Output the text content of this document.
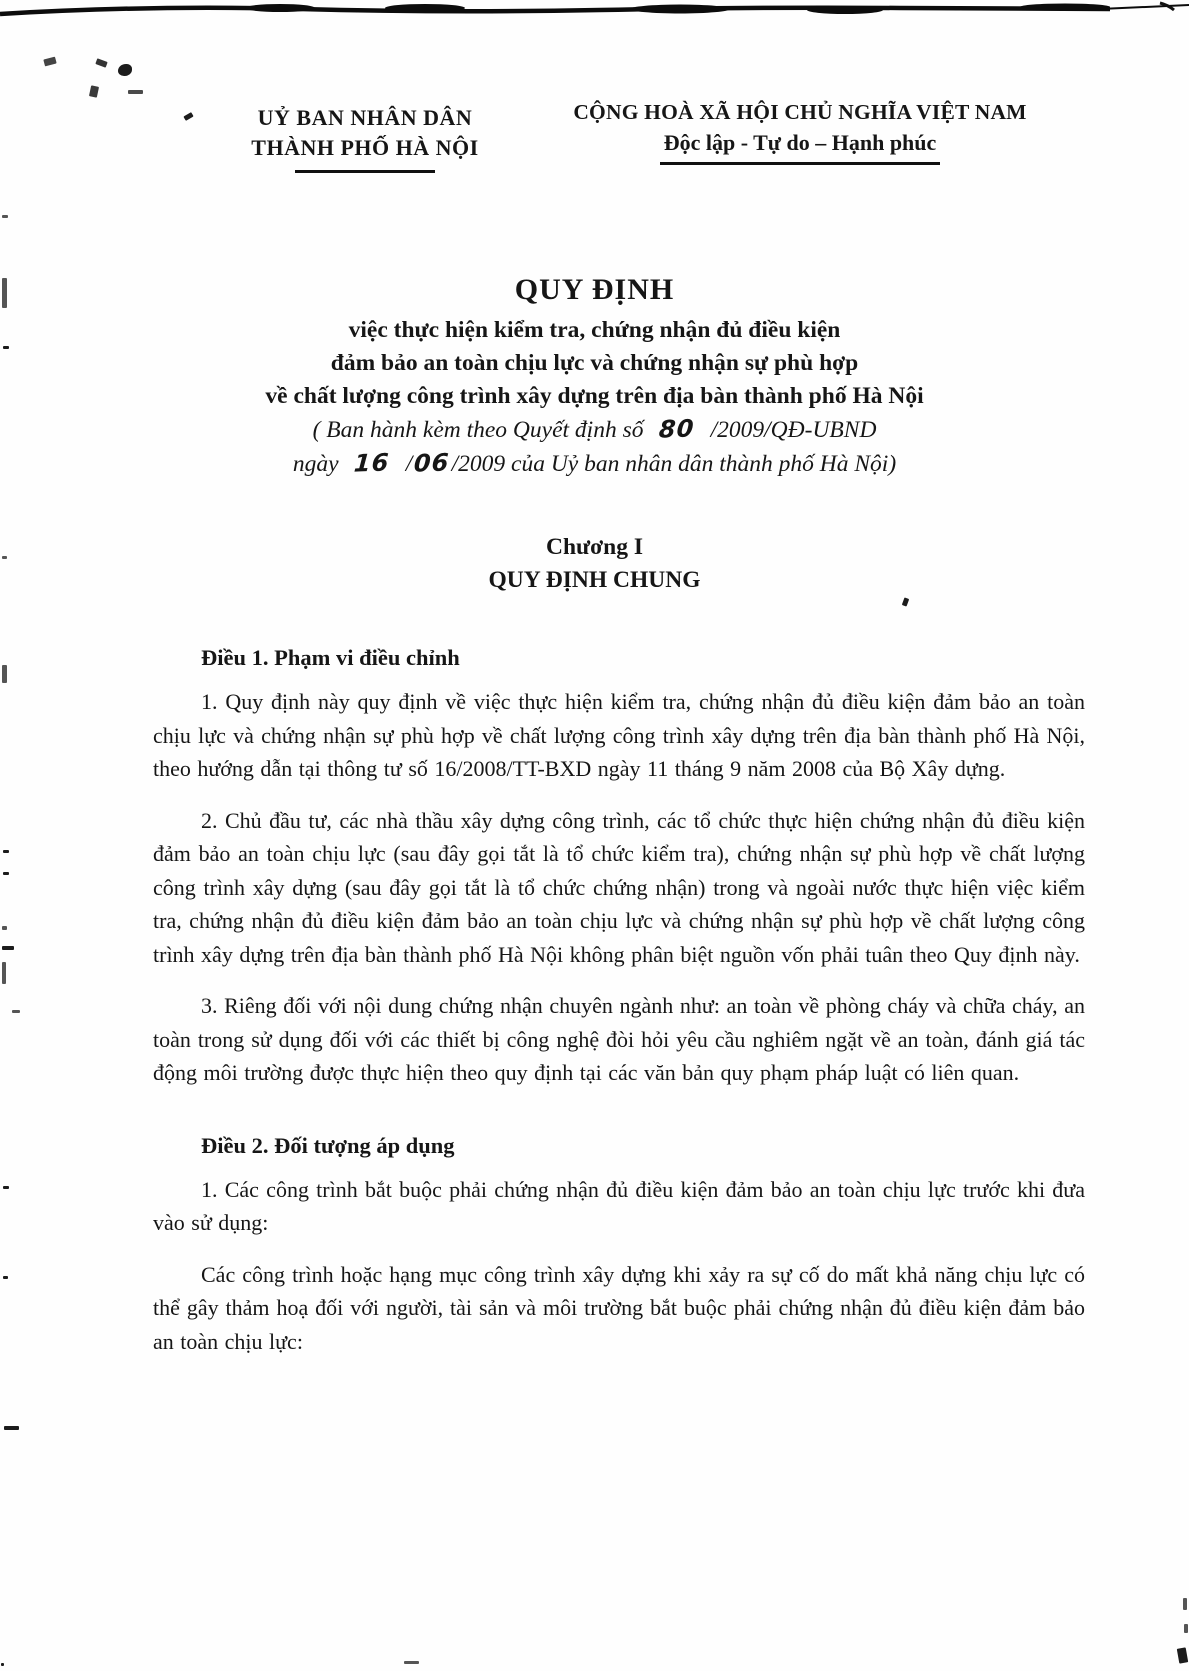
UỶ BAN NHÂN DÂN
THÀNH PHỐ HÀ NỘI
CỘNG HOÀ XÃ HỘI CHỦ NGHĨA VIỆT NAM
Độc lập - Tự do – Hạnh phúc
QUY ĐỊNH
việc thực hiện kiểm tra, chứng nhận đủ điều kiện
đảm bảo an toàn chịu lực và chứng nhận sự phù hợp
về chất lượng công trình xây dựng trên địa bàn thành phố Hà Nội
( Ban hành kèm theo Quyết định số 80 /2009/QĐ-UBND
ngày 16 /06/2009 của Uỷ ban nhân dân thành phố Hà Nội)
Chương I
QUY ĐỊNH CHUNG
Điều 1. Phạm vi điều chỉnh

1. Quy định này quy định về việc thực hiện kiểm tra, chứng nhận đủ điều kiện đảm bảo an toàn chịu lực và chứng nhận sự phù hợp về chất lượng công trình xây dựng trên địa bàn thành phố Hà Nội, theo hướng dẫn tại thông tư số 16/2008/TT-BXD ngày 11 tháng 9 năm 2008 của Bộ Xây dựng.

2. Chủ đầu tư, các nhà thầu xây dựng công trình, các tổ chức thực hiện chứng nhận đủ điều kiện đảm bảo an toàn chịu lực (sau đây gọi tắt là tổ chức kiểm tra), chứng nhận sự phù hợp về chất lượng công trình xây dựng (sau đây gọi tắt là tổ chức chứng nhận) trong và ngoài nước thực hiện việc kiểm tra, chứng nhận đủ điều kiện đảm bảo an toàn chịu lực và chứng nhận sự phù hợp về chất lượng công trình xây dựng trên địa bàn thành phố Hà Nội không phân biệt nguồn vốn phải tuân theo Quy định này.

3. Riêng đối với nội dung chứng nhận chuyên ngành như: an toàn về phòng cháy và chữa cháy, an toàn trong sử dụng đối với các thiết bị công nghệ đòi hỏi yêu cầu nghiêm ngặt về an toàn, đánh giá tác động môi trường được thực hiện theo quy định tại các văn bản quy phạm pháp luật có liên quan.

Điều 2. Đối tượng áp dụng

1. Các công trình bắt buộc phải chứng nhận đủ điều kiện đảm bảo an toàn chịu lực trước khi đưa vào sử dụng:

Các công trình hoặc hạng mục công trình xây dựng khi xảy ra sự cố do mất khả năng chịu lực có thể gây thảm hoạ đối với người, tài sản và môi trường bắt buộc phải chứng nhận đủ điều kiện đảm bảo an toàn chịu lực:
